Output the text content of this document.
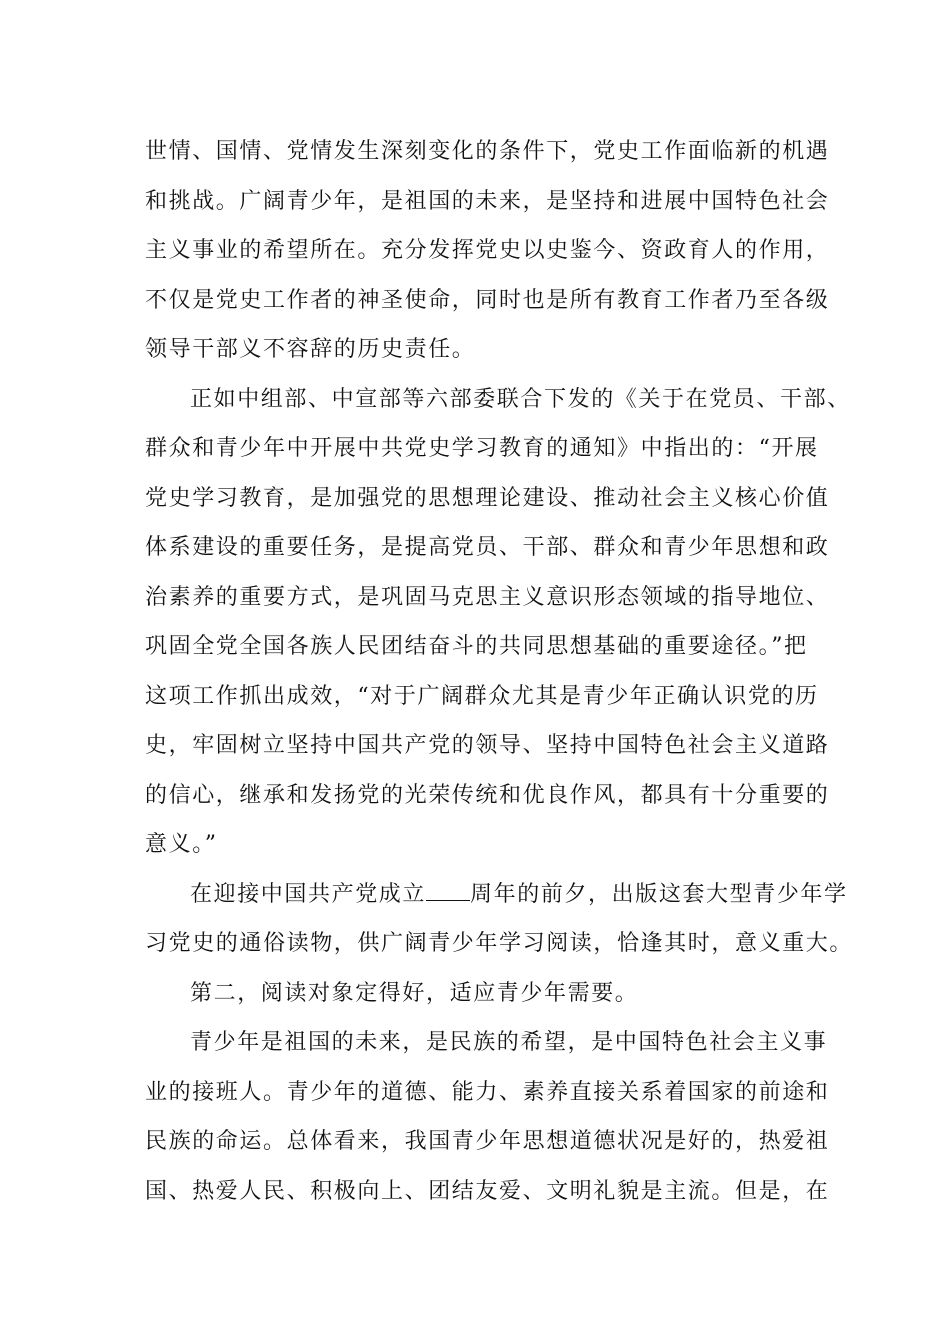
世情、国情、党情发生深刻变化的条件下，党史工作面临新的机遇
和挑战。广阔青少年，是祖国的未来，是坚持和进展中国特色社会
主义事业的希望所在。充分发挥党史以史鉴今、资政育人的作用，
不仅是党史工作者的神圣使命，同时也是所有教育工作者乃至各级
领导干部义不容辞的历史责任。
正如中组部、中宣部等六部委联合下发的《关于在党员、干部、
群众和青少年中开展中共党史学习教育的通知》中指出的：“开展
党史学习教育，是加强党的思想理论建设、推动社会主义核心价值
体系建设的重要任务，是提高党员、干部、群众和青少年思想和政
治素养的重要方式，是巩固马克思主义意识形态领域的指导地位、
巩固全党全国各族人民团结奋斗的共同思想基础的重要途径。”把
这项工作抓出成效，“对于广阔群众尤其是青少年正确认识党的历
史，牢固树立坚持中国共产党的领导、坚持中国特色社会主义道路
的信心，继承和发扬党的光荣传统和优良作风，都具有十分重要的
意义。”
在迎接中国共产党成立 周年的前夕，出版这套大型青少年学
习党史的通俗读物，供广阔青少年学习阅读，恰逢其时，意义重大。
第二，阅读对象定得好，适应青少年需要。
青少年是祖国的未来，是民族的希望，是中国特色社会主义事
业的接班人。青少年的道德、能力、素养直接关系着国家的前途和
民族的命运。总体看来，我国青少年思想道德状况是好的，热爱祖
国、热爱人民、积极向上、团结友爱、文明礼貌是主流。但是，在
